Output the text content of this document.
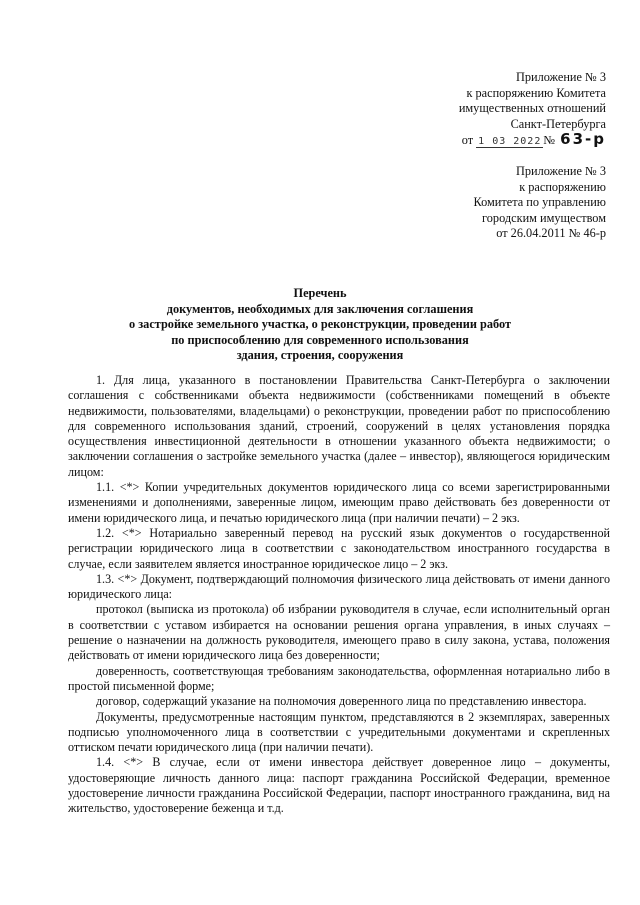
Приложение № 3
к распоряжению Комитета
имущественных отношений
Санкт-Петербурга
от 1 03 2022 № 63-р
Приложение № 3
к распоряжению
Комитета по управлению
городским имуществом
от 26.04.2011 № 46-р
Перечень
документов, необходимых для заключения соглашения
о застройке земельного участка, о реконструкции, проведении работ
по приспособлению для современного использования
здания, строения, сооружения

1. Для лица, указанного в постановлении Правительства Санкт-Петербурга о заключении соглашения с собственниками объекта недвижимости (собственниками помещений в объекте недвижимости, пользователями, владельцами) о реконструкции, проведении работ по приспособлению для современного использования зданий, строений, сооружений в целях установления порядка осуществления инвестиционной деятельности в отношении указанного объекта недвижимости; о заключении соглашения о застройке земельного участка (далее – инвестор), являющегося юридическим лицом:

1.1. <*> Копии учредительных документов юридического лица со всеми зарегистрированными изменениями и дополнениями, заверенные лицом, имеющим право действовать без доверенности от имени юридического лица, и печатью юридического лица (при наличии печати) – 2 экз.

1.2. <*> Нотариально заверенный перевод на русский язык документов о государственной регистрации юридического лица в соответствии с законодательством иностранного государства в случае, если заявителем является иностранное юридическое лицо – 2 экз.

1.3. <*> Документ, подтверждающий полномочия физического лица действовать от имени данного юридического лица:

протокол (выписка из протокола) об избрании руководителя в случае, если исполнительный орган в соответствии с уставом избирается на основании решения органа управления, в иных случаях – решение о назначении на должность руководителя, имеющего право в силу закона, устава, положения действовать от имени юридического лица без доверенности;

доверенность, соответствующая требованиям законодательства, оформленная нотариально либо в простой письменной форме;

договор, содержащий указание на полномочия доверенного лица по представлению инвестора.

Документы, предусмотренные настоящим пунктом, представляются в 2 экземплярах, заверенных подписью уполномоченного лица в соответствии с учредительными документами и скрепленных оттиском печати юридического лица (при наличии печати).

1.4. <*> В случае, если от имени инвестора действует доверенное лицо – документы, удостоверяющие личность данного лица: паспорт гражданина Российской Федерации, временное удостоверение личности гражданина Российской Федерации, паспорт иностранного гражданина, вид на жительство, удостоверение беженца и т.д.
